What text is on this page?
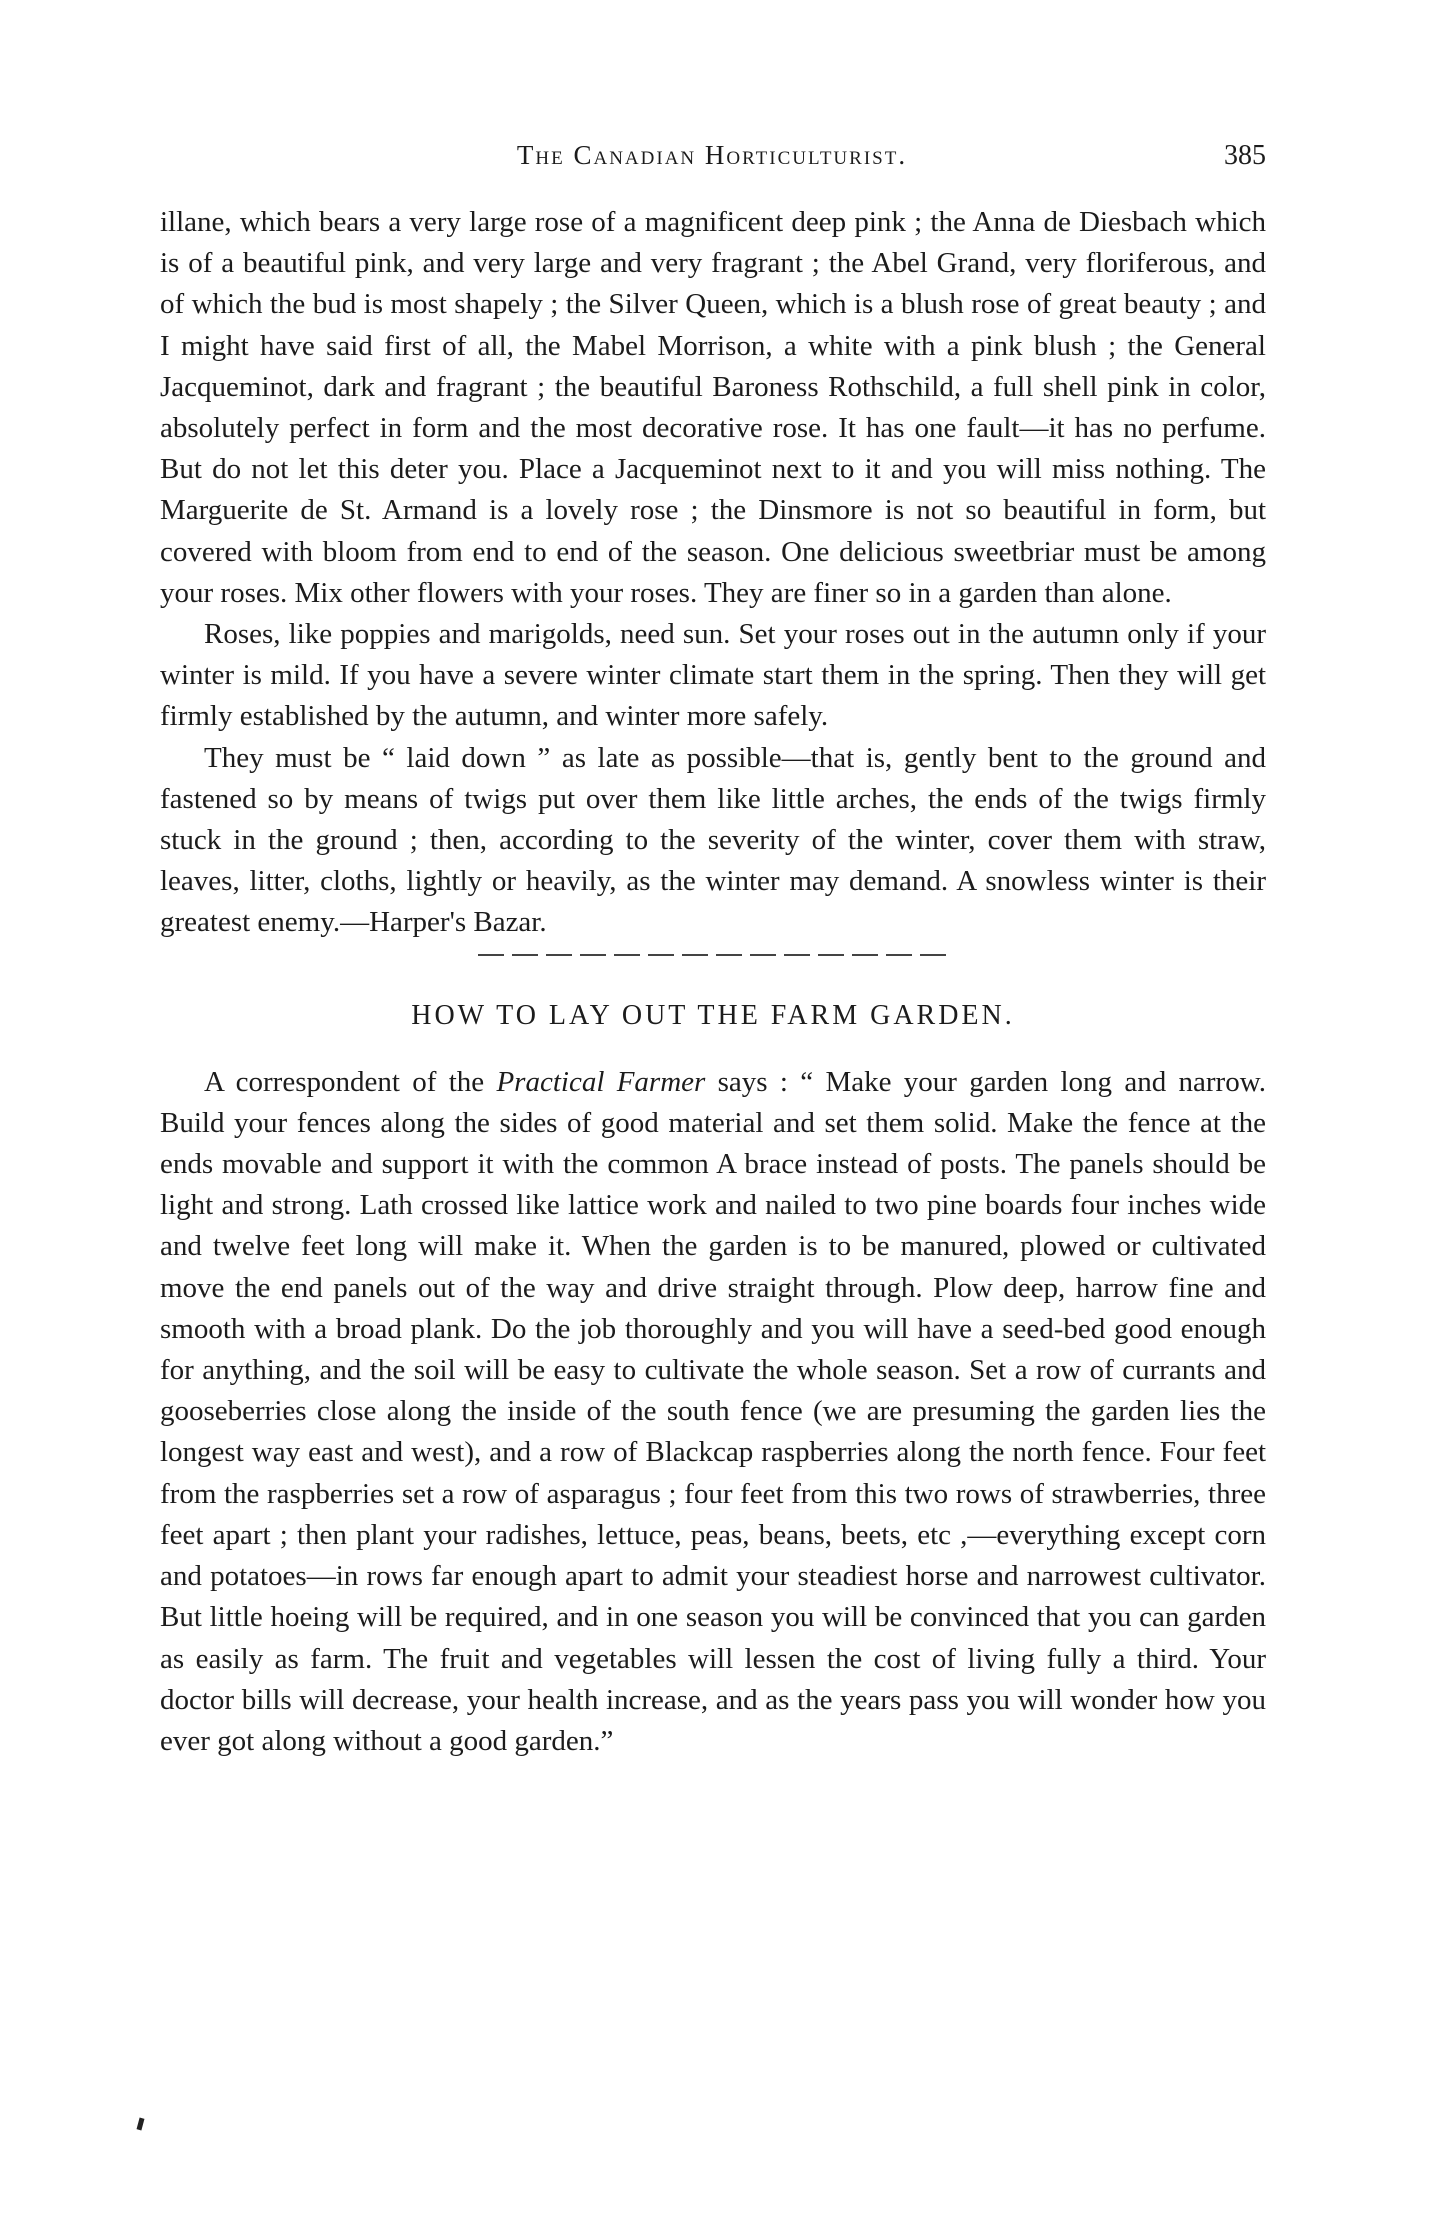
The Canadian Horticulturist.	385

illane, which bears a very large rose of a magnificent deep pink ; the Anna de Diesbach which is of a beautiful pink, and very large and very fragrant ; the Abel Grand, very floriferous, and of which the bud is most shapely ; the Silver Queen, which is a blush rose of great beauty ; and I might have said first of all, the Mabel Morrison, a white with a pink blush ; the General Jacqueminot, dark and fragrant ; the beautiful Baroness Rothschild, a full shell pink in color, absolutely perfect in form and the most decorative rose. It has one fault—it has no perfume. But do not let this deter you. Place a Jacqueminot next to it and you will miss nothing. The Marguerite de St. Armand is a lovely rose ; the Dinsmore is not so beautiful in form, but covered with bloom from end to end of the season. One delicious sweetbriar must be among your roses. Mix other flowers with your roses. They are finer so in a garden than alone.

Roses, like poppies and marigolds, need sun. Set your roses out in the autumn only if your winter is mild. If you have a severe winter climate start them in the spring. Then they will get firmly established by the autumn, and winter more safely.

They must be “ laid down ” as late as possible—that is, gently bent to the ground and fastened so by means of twigs put over them like little arches, the ends of the twigs firmly stuck in the ground ; then, according to the severity of the winter, cover them with straw, leaves, litter, cloths, lightly or heavily, as the winter may demand. A snowless winter is their greatest enemy.—Harper's Bazar.

HOW TO LAY OUT THE FARM GARDEN.

A correspondent of the Practical Farmer says : “ Make your garden long and narrow. Build your fences along the sides of good material and set them solid. Make the fence at the ends movable and support it with the common A brace instead of posts. The panels should be light and strong. Lath crossed like lattice work and nailed to two pine boards four inches wide and twelve feet long will make it. When the garden is to be manured, plowed or cultivated move the end panels out of the way and drive straight through. Plow deep, harrow fine and smooth with a broad plank. Do the job thoroughly and you will have a seed-bed good enough for anything, and the soil will be easy to cultivate the whole season. Set a row of currants and gooseberries close along the inside of the south fence (we are presuming the garden lies the longest way east and west), and a row of Blackcap raspberries along the north fence. Four feet from the raspberries set a row of asparagus ; four feet from this two rows of strawberries, three feet apart ; then plant your radishes, lettuce, peas, beans, beets, etc ,—everything except corn and potatoes—in rows far enough apart to admit your steadiest horse and narrowest cultivator. But little hoeing will be required, and in one season you will be convinced that you can garden as easily as farm. The fruit and vegetables will lessen the cost of living fully a third. Your doctor bills will decrease, your health increase, and as the years pass you will wonder how you ever got along without a good garden.”
